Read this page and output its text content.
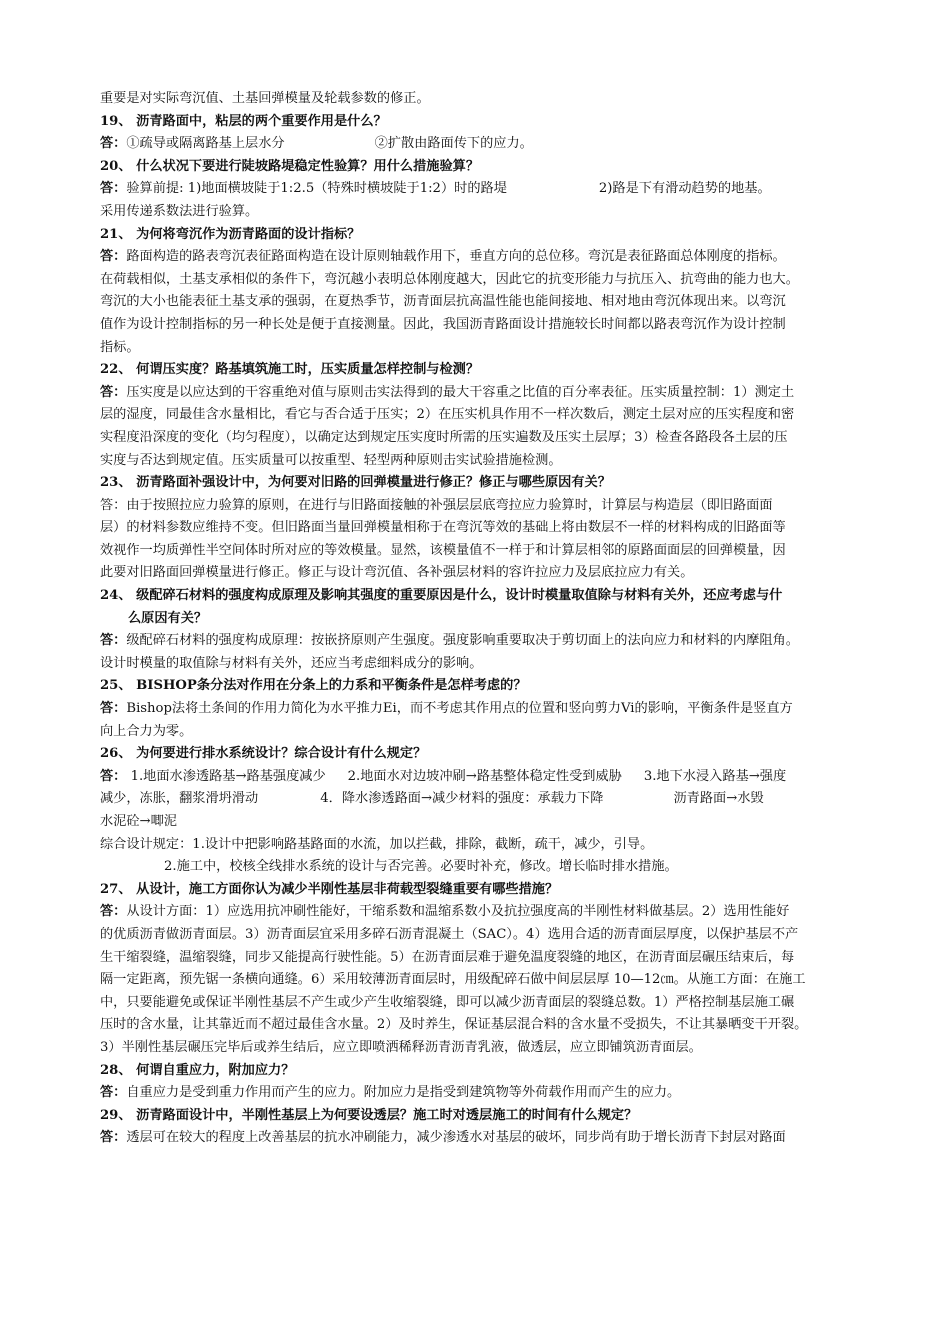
重要是对实际弯沉值、土基回弹模量及轮载参数的修正。
19、 沥青路面中，粘层的两个重要作用是什么？
答：①疏导或隔离路基上层水分	②扩散由路面传下的应力。
20、 什么状况下要进行陡坡路堤稳定性验算？用什么措施验算？
答：验算前提: 1)地面横坡陡于1:2.5（特殊时横坡陡于1:2）时的路堤	2)路是下有滑动趋势的地基。
采用传递系数法进行验算。
21、 为何将弯沉作为沥青路面的设计指标？
答：路面构造的路表弯沉表征路面构造在设计原则轴载作用下，垂直方向的总位移。弯沉是表征路面总体刚度的指标。
在荷载相似，土基支承相似的条件下，弯沉越小表明总体刚度越大，因此它的抗变形能力与抗压入、抗弯曲的能力也大。
弯沉的大小也能表征土基支承的强弱，在夏热季节，沥青面层抗高温性能也能间接地、相对地由弯沉体现出来。以弯沉
值作为设计控制指标的另一种长处是便于直接测量。因此，我国沥青路面设计措施较长时间都以路表弯沉作为设计控制
指标。
22、 何谓压实度？路基填筑施工时，压实质量怎样控制与检测？
答：压实度是以应达到的干容重绝对值与原则击实法得到的最大干容重之比值的百分率表征。压实质量控制：1）测定土
层的湿度，同最佳含水量相比，看它与否合适于压实；2）在压实机具作用不一样次数后，测定土层对应的压实程度和密
实程度沿深度的变化（均匀程度），以确定达到规定压实度时所需的压实遍数及压实土层厚；3）检查各路段各土层的压
实度与否达到规定值。压实质量可以按重型、轻型两种原则击实试验措施检测。
23、 沥青路面补强设计中，为何要对旧路的回弹模量进行修正？修正与哪些原因有关？
答：由于按照拉应力验算的原则，在进行与旧路面接触的补强层层底弯拉应力验算时，计算层与构造层（即旧路面面
层）的材料参数应维持不变。但旧路面当量回弹模量相称于在弯沉等效的基础上将由数层不一样的材料构成的旧路面等
效视作一均质弹性半空间体时所对应的等效模量。显然，该模量值不一样于和计算层相邻的原路面面层的回弹模量，因
此要对旧路面回弹模量进行修正。修正与设计弯沉值、各补强层材料的容许拉应力及层底拉应力有关。
24、 级配碎石材料的强度构成原理及影响其强度的重要原因是什么，设计时模量取值除与材料有关外，还应考虑与什
么原因有关？
答：级配碎石材料的强度构成原理：按嵌挤原则产生强度。强度影响重要取决于剪切面上的法向应力和材料的内摩阻角。
设计时模量的取值除与材料有关外，还应当考虑细料成分的影响。
25、 BISHOP条分法对作用在分条上的力系和平衡条件是怎样考虑的？
答：Bishop法将土条间的作用力简化为水平推力Ei，而不考虑其作用点的位置和竖向剪力Vi的影响，平衡条件是竖直方
向上合力为零。
26、 为何要进行排水系统设计？综合设计有什么规定？
答： 1.地面水渗透路基→路基强度减少 2.地面水对边坡冲刷→路基整体稳定性受到威胁 3.地下水浸入路基→强度
减少，冻胀，翻浆滑坍滑动	4．降水渗透路面→减少材料的强度：承载力下降	沥青路面→水毁
水泥砼→唧泥
综合设计规定：1.设计中把影响路基路面的水流，加以拦截，排除，截断，疏干，减少，引导。
2.施工中，校核全线排水系统的设计与否完善。必要时补充，修改。增长临时排水措施。
27、 从设计，施工方面你认为减少半刚性基层非荷载型裂缝重要有哪些措施？
答：从设计方面：1）应选用抗冲刷性能好，干缩系数和温缩系数小及抗拉强度高的半刚性材料做基层。2）选用性能好
的优质沥青做沥青面层。3）沥青面层宜采用多碎石沥青混凝土（SAC）。4）选用合适的沥青面层厚度，以保护基层不产
生干缩裂缝，温缩裂缝，同步又能提高行驶性能。5）在沥青面层难于避免温度裂缝的地区，在沥青面层碾压结束后，每
隔一定距离，预先锯一条横向通缝。6）采用较薄沥青面层时，用级配碎石做中间层层厚 10—12㎝。从施工方面：在施工
中，只要能避免或保证半刚性基层不产生或少产生收缩裂缝，即可以减少沥青面层的裂缝总数。1）严格控制基层施工碾
压时的含水量，让其靠近而不超过最佳含水量。2）及时养生，保证基层混合料的含水量不受损失，不让其暴晒变干开裂。
3）半刚性基层碾压完毕后或养生结后，应立即喷洒稀释沥青沥青乳液，做透层，应立即铺筑沥青面层。
28、 何谓自重应力，附加应力？
答：自重应力是受到重力作用而产生的应力。附加应力是指受到建筑物等外荷载作用而产生的应力。
29、 沥青路面设计中，半刚性基层上为何要设透层？施工时对透层施工的时间有什么规定？
答：透层可在较大的程度上改善基层的抗水冲刷能力，减少渗透水对基层的破坏，同步尚有助于增长沥青下封层对路面
